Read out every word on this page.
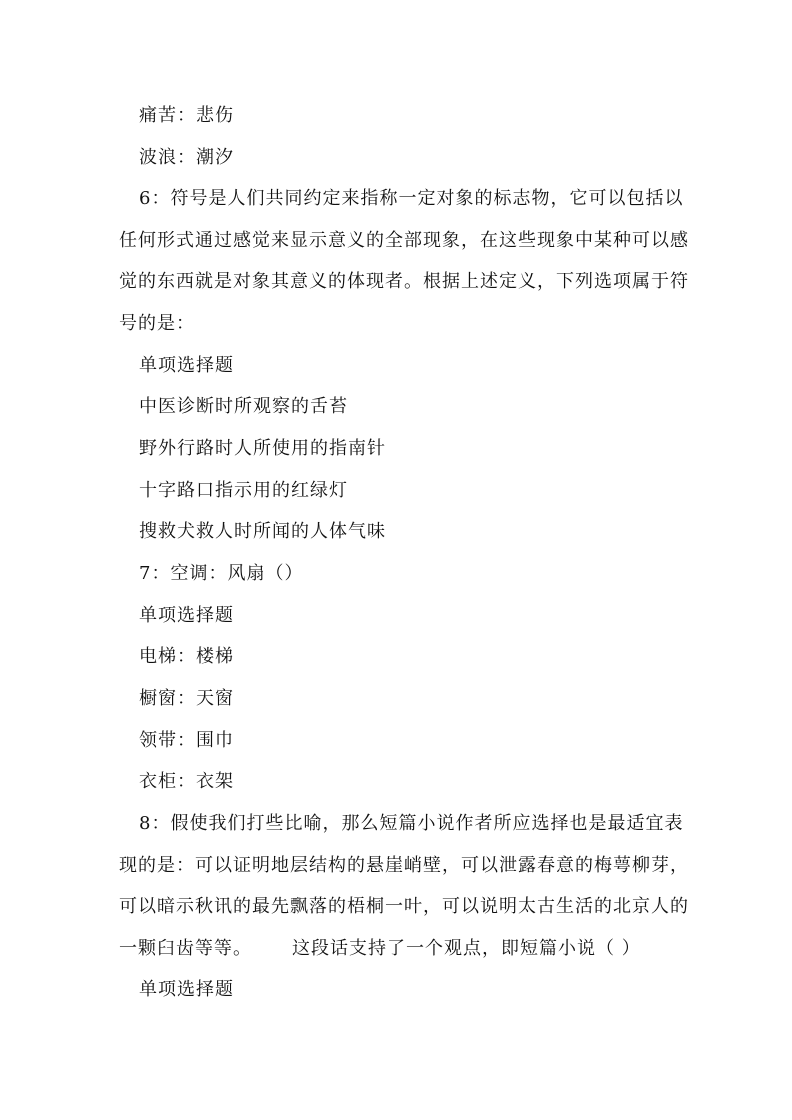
痛苦：悲伤
波浪：潮汐
6：符号是人们共同约定来指称一定对象的标志物，它可以包括以
任何形式通过感觉来显示意义的全部现象，在这些现象中某种可以感
觉的东西就是对象其意义的体现者。根据上述定义，下列选项属于符
号的是：
单项选择题
中医诊断时所观察的舌苔
野外行路时人所使用的指南针
十字路口指示用的红绿灯
搜救犬救人时所闻的人体气味
7：空调：风扇（）
单项选择题
电梯：楼梯
橱窗：天窗
领带：围巾
衣柜：衣架
8：假使我们打些比喻，那么短篇小说作者所应选择也是最适宜表
现的是：可以证明地层结构的悬崖峭壁，可以泄露春意的梅萼柳芽，
可以暗示秋讯的最先飘落的梧桐一叶，可以说明太古生活的北京人的
一颗臼齿等等。 这段话支持了一个观点，即短篇小说（ ）
单项选择题
